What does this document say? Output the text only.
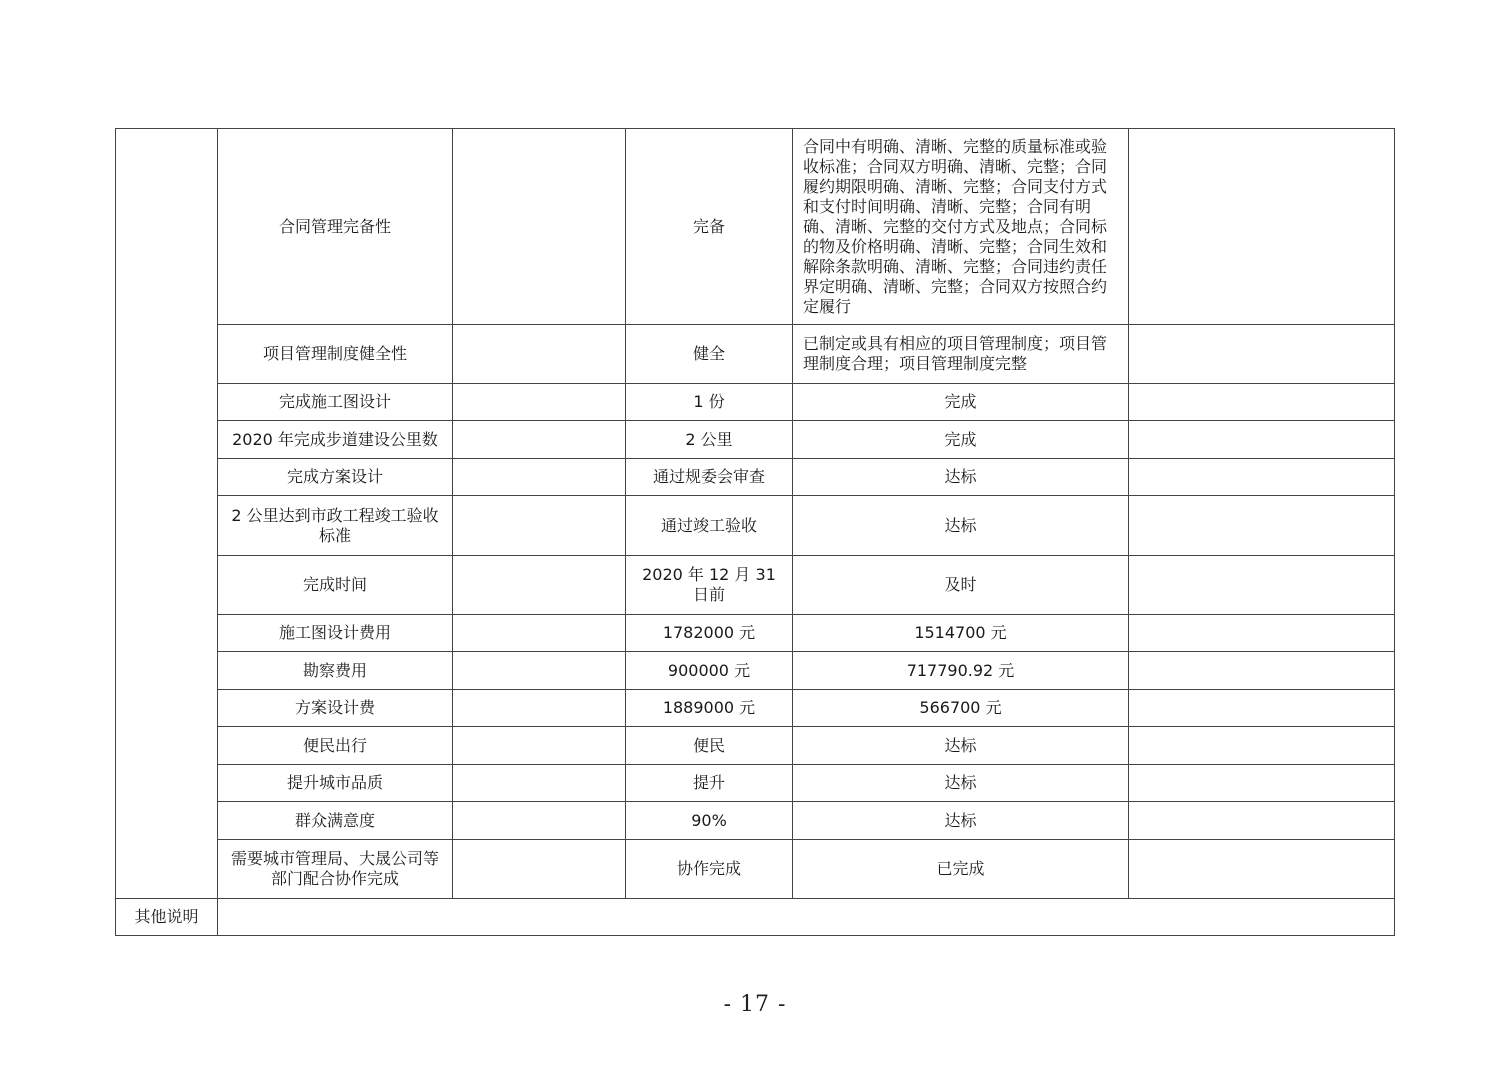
	合同管理完备性		完备	合同中有明确、清晰、完整的质量标准或验收标准；合同双方明确、清晰、完整；合同履约期限明确、清晰、完整；合同支付方式和支付时间明确、清晰、完整；合同有明确、清晰、完整的交付方式及地点；合同标的物及价格明确、清晰、完整；合同生效和解除条款明确、清晰、完整；合同违约责任界定明确、清晰、完整；合同双方按照合约定履行	
	项目管理制度健全性		健全	已制定或具有相应的项目管理制度；项目管理制度合理；项目管理制度完整	
	完成施工图设计		1 份	完成	
	2020 年完成步道建设公里数		2 公里	完成	
	完成方案设计		通过规委会审查	达标	
	2 公里达到市政工程竣工验收标准		通过竣工验收	达标	
	完成时间		2020 年 12 月 31 日前	及时	
	施工图设计费用		1782000 元	1514700 元	
	勘察费用		900000 元	717790.92 元	
	方案设计费		1889000 元	566700 元	
	便民出行		便民	达标	
	提升城市品质		提升	达标	
	群众满意度		90%	达标	
	需要城市管理局、大晟公司等部门配合协作完成		协作完成	已完成	
其他说明					
- 17 -
